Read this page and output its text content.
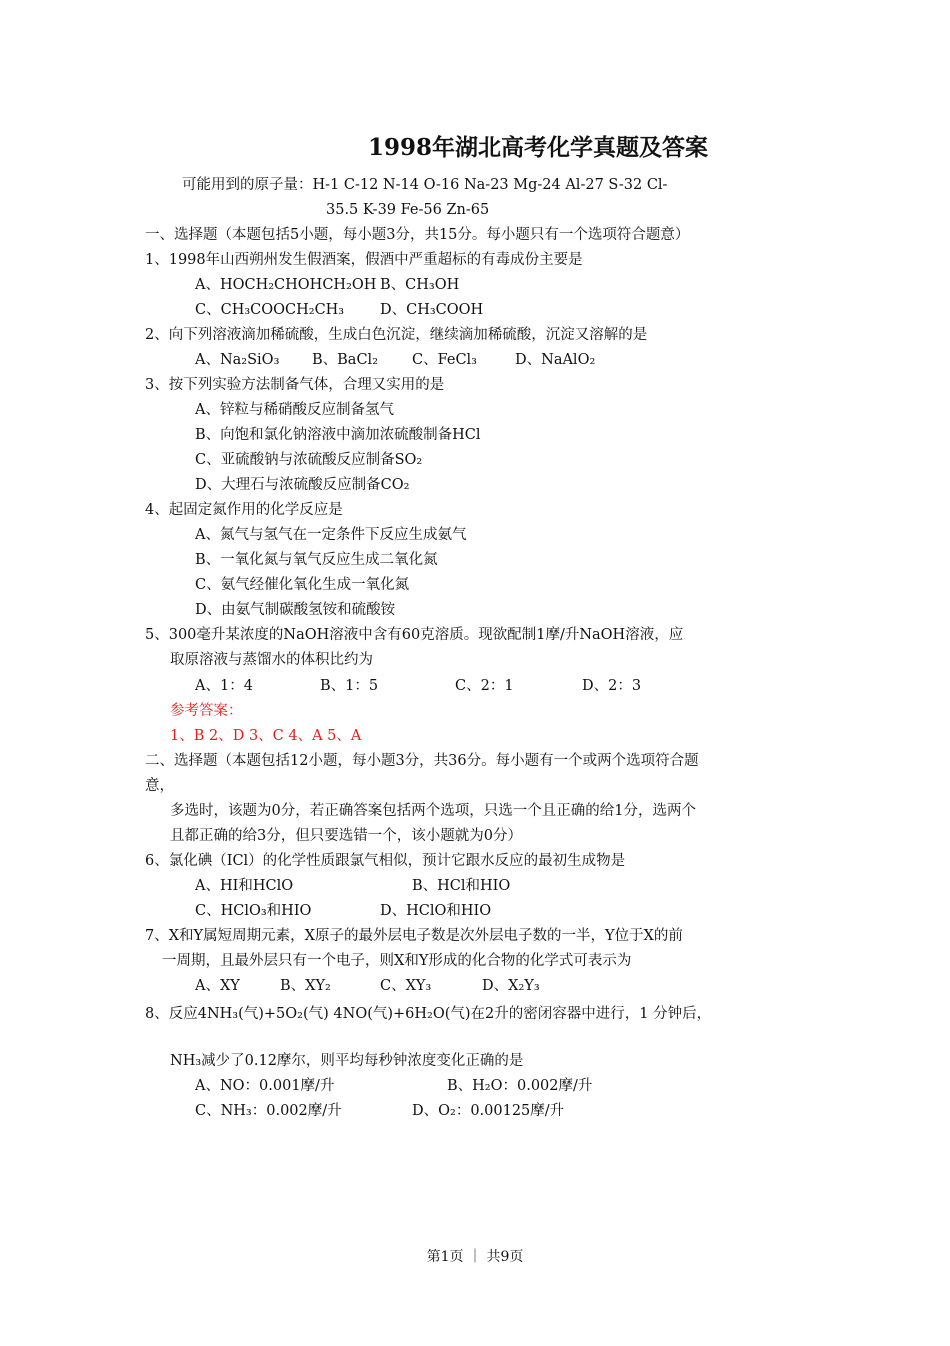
1998年湖北高考化学真题及答案
可能用到的原子量：H-1 C-12 N-14 O-16 Na-23 Mg-24 Al-27 S-32 Cl-
35.5 K-39 Fe-56 Zn-65
一、选择题（本题包括5小题，每小题3分，共15分。每小题只有一个选项符合题意）
1、1998年山西朔州发生假酒案，假酒中严重超标的有毒成份主要是
A、HOCH₂CHOHCH₂OH B、CH₃OH
C、CH₃COOCH₂CH₃ D、CH₃COOH
2、向下列溶液滴加稀硫酸，生成白色沉淀，继续滴加稀硫酸，沉淀又溶解的是
A、Na₂SiO₃ B、BaCl₂ C、FeCl₃	D、NaAlO₂
3、按下列实验方法制备气体，合理又实用的是
A、锌粒与稀硝酸反应制备氢气
B、向饱和氯化钠溶液中滴加浓硫酸制备HCl
C、亚硫酸钠与浓硫酸反应制备SO₂
D、大理石与浓硫酸反应制备CO₂
4、起固定氮作用的化学反应是
A、氮气与氢气在一定条件下反应生成氨气
B、一氧化氮与氧气反应生成二氧化氮
C、氨气经催化氧化生成一氧化氮
D、由氨气制碳酸氢铵和硫酸铵
5、300毫升某浓度的NaOH溶液中含有60克溶质。现欲配制1摩/升NaOH溶液，应
取原溶液与蒸馏水的体积比约为
A、1：4	B、1：5	C、2：1	D、2：3
参考答案：
1、B 2、D 3、C 4、A 5、A
二、选择题（本题包括12小题，每小题3分，共36分。每小题有一个或两个选项符合题
意，
多选时，该题为0分，若正确答案包括两个选项，只选一个且正确的给1分，选两个
且都正确的给3分，但只要选错一个，该小题就为0分）
6、氯化碘（ICl）的化学性质跟氯气相似，预计它跟水反应的最初生成物是
A、HI和HClO	B、HCl和HIO
C、HClO₃和HIO	D、HClO和HIO
7、X和Y属短周期元素，X原子的最外层电子数是次外层电子数的一半，Y位于X的前
一周期，且最外层只有一个电子，则X和Y形成的化合物的化学式可表示为
A、XY	B、XY₂	C、XY₃	D、X₂Y₃
8、反应4NH₃(气)+5O₂(气) 4NO(气)+6H₂O(气)在2升的密闭容器中进行，1 分钟后，
NH₃减少了0.12摩尔，则平均每秒钟浓度变化正确的是
A、NO：0.001摩/升	B、H₂O：0.002摩/升
C、NH₃：0.002摩/升	D、O₂：0.00125摩/升
第1页 ｜ 共9页
